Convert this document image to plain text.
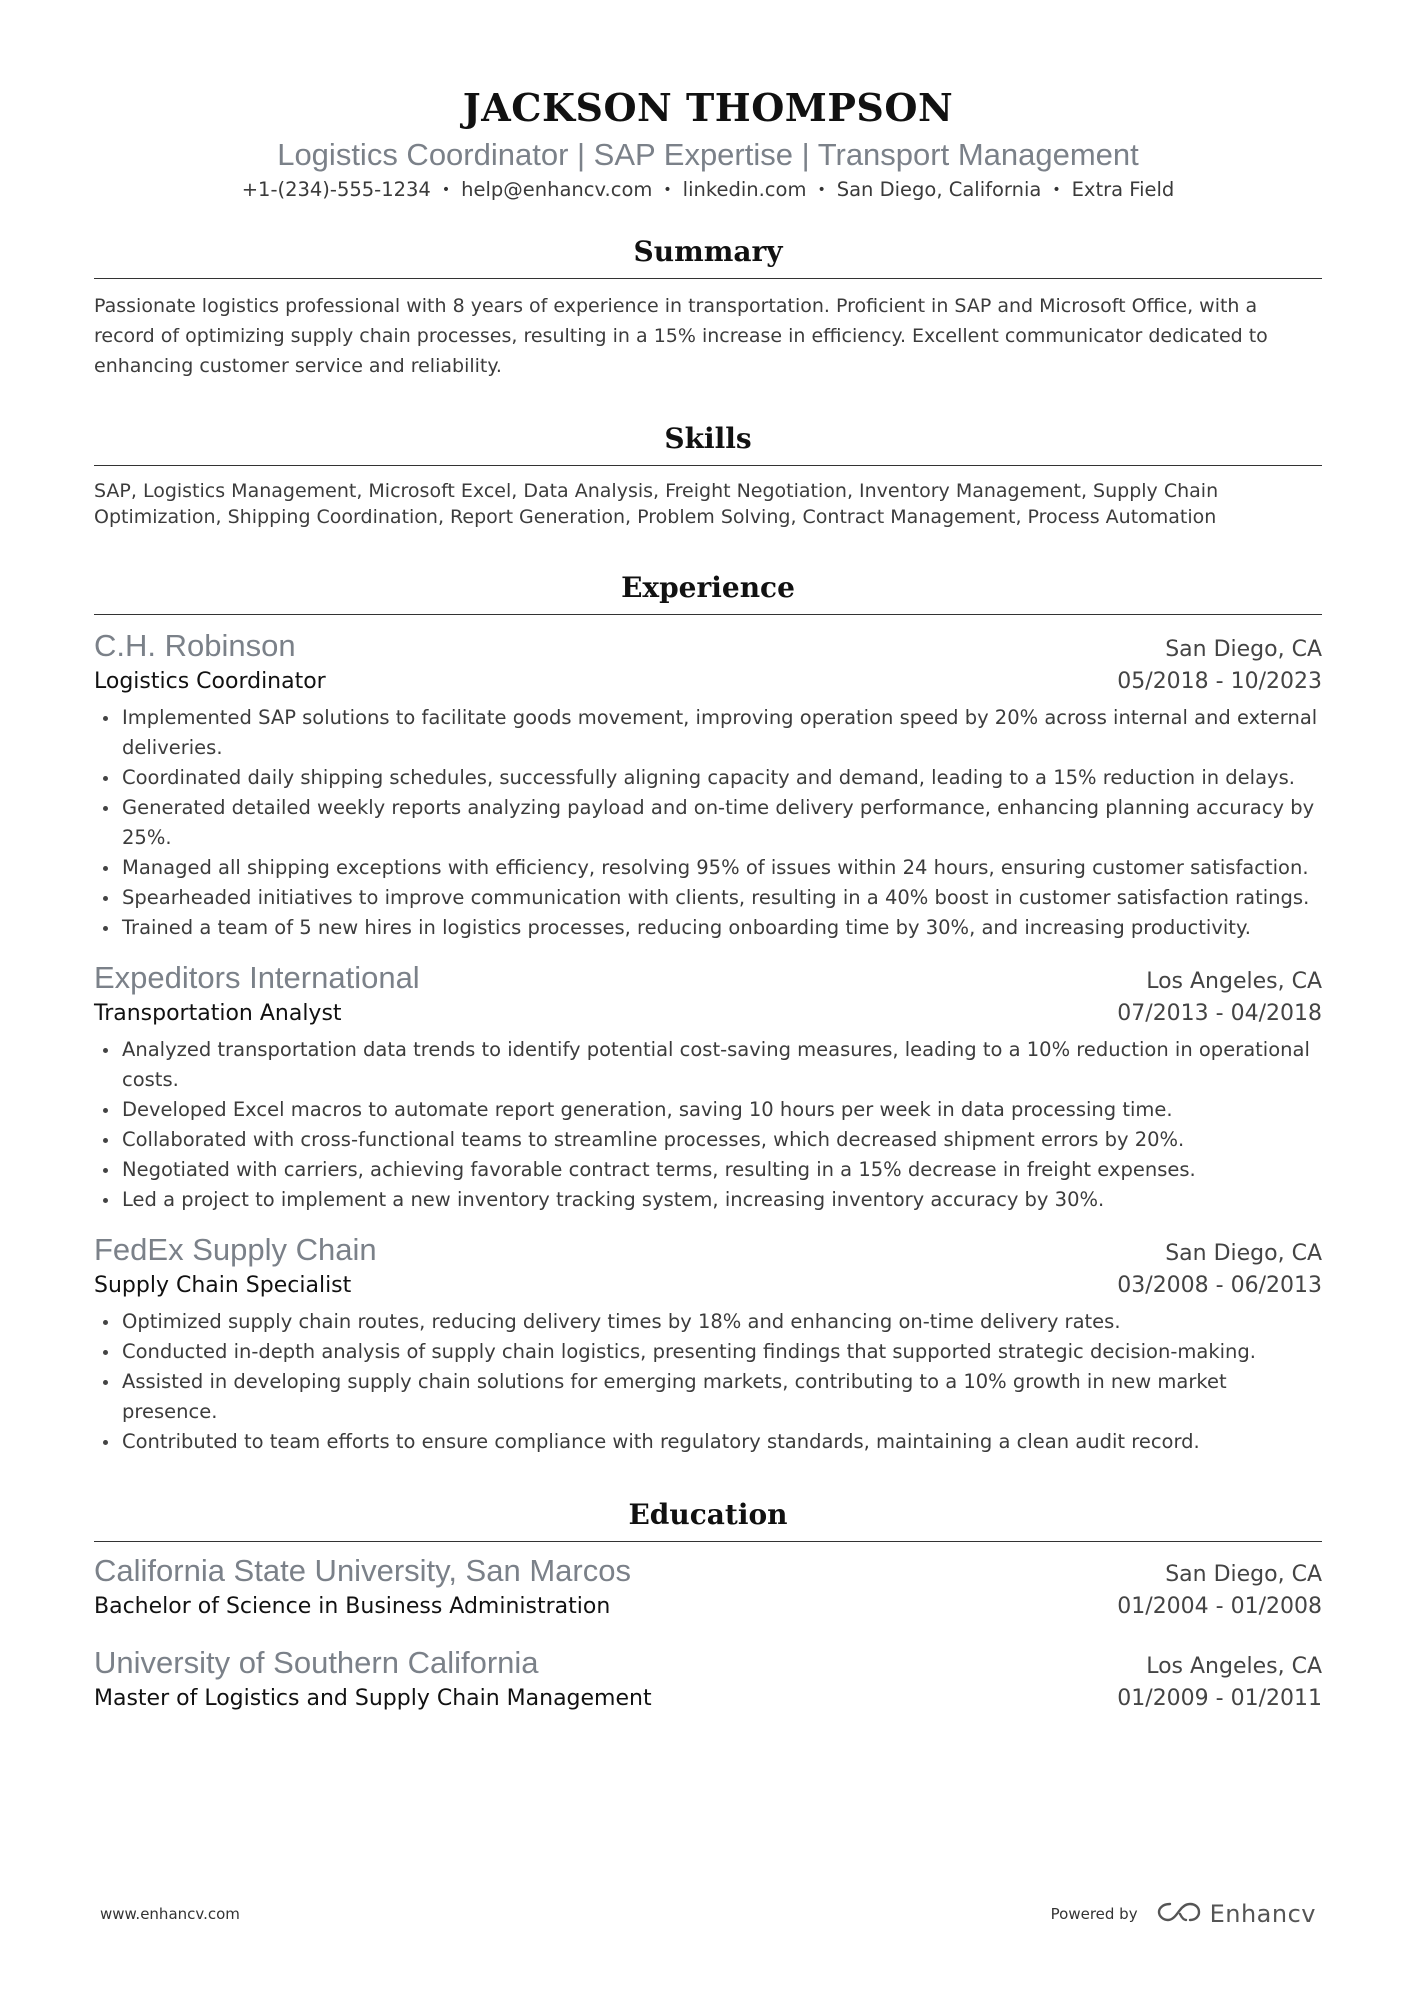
JACKSON THOMPSON
Logistics Coordinator | SAP Expertise | Transport Management
+1-(234)-555-1234 • help@enhancv.com • linkedin.com • San Diego, California • Extra Field
Summary
Passionate logistics professional with 8 years of experience in transportation. Proficient in SAP and Microsoft Office, with a record of optimizing supply chain processes, resulting in a 15% increase in efficiency. Excellent communicator dedicated to enhancing customer service and reliability.
Skills
SAP, Logistics Management, Microsoft Excel, Data Analysis, Freight Negotiation, Inventory Management, Supply Chain Optimization, Shipping Coordination, Report Generation, Problem Solving, Contract Management, Process Automation
Experience
C.H. Robinson	San Diego, CA
Logistics Coordinator	05/2018 - 10/2023
Implemented SAP solutions to facilitate goods movement, improving operation speed by 20% across internal and external deliveries.
Coordinated daily shipping schedules, successfully aligning capacity and demand, leading to a 15% reduction in delays.
Generated detailed weekly reports analyzing payload and on-time delivery performance, enhancing planning accuracy by 25%.
Managed all shipping exceptions with efficiency, resolving 95% of issues within 24 hours, ensuring customer satisfaction.
Spearheaded initiatives to improve communication with clients, resulting in a 40% boost in customer satisfaction ratings.
Trained a team of 5 new hires in logistics processes, reducing onboarding time by 30%, and increasing productivity.
Expeditors International	Los Angeles, CA
Transportation Analyst	07/2013 - 04/2018
Analyzed transportation data trends to identify potential cost-saving measures, leading to a 10% reduction in operational costs.
Developed Excel macros to automate report generation, saving 10 hours per week in data processing time.
Collaborated with cross-functional teams to streamline processes, which decreased shipment errors by 20%.
Negotiated with carriers, achieving favorable contract terms, resulting in a 15% decrease in freight expenses.
Led a project to implement a new inventory tracking system, increasing inventory accuracy by 30%.
FedEx Supply Chain	San Diego, CA
Supply Chain Specialist	03/2008 - 06/2013
Optimized supply chain routes, reducing delivery times by 18% and enhancing on-time delivery rates.
Conducted in-depth analysis of supply chain logistics, presenting findings that supported strategic decision-making.
Assisted in developing supply chain solutions for emerging markets, contributing to a 10% growth in new market presence.
Contributed to team efforts to ensure compliance with regulatory standards, maintaining a clean audit record.
Education
California State University, San Marcos	San Diego, CA
Bachelor of Science in Business Administration	01/2004 - 01/2008
University of Southern California	Los Angeles, CA
Master of Logistics and Supply Chain Management	01/2009 - 01/2011
www.enhancv.com	Powered by	Enhancv
